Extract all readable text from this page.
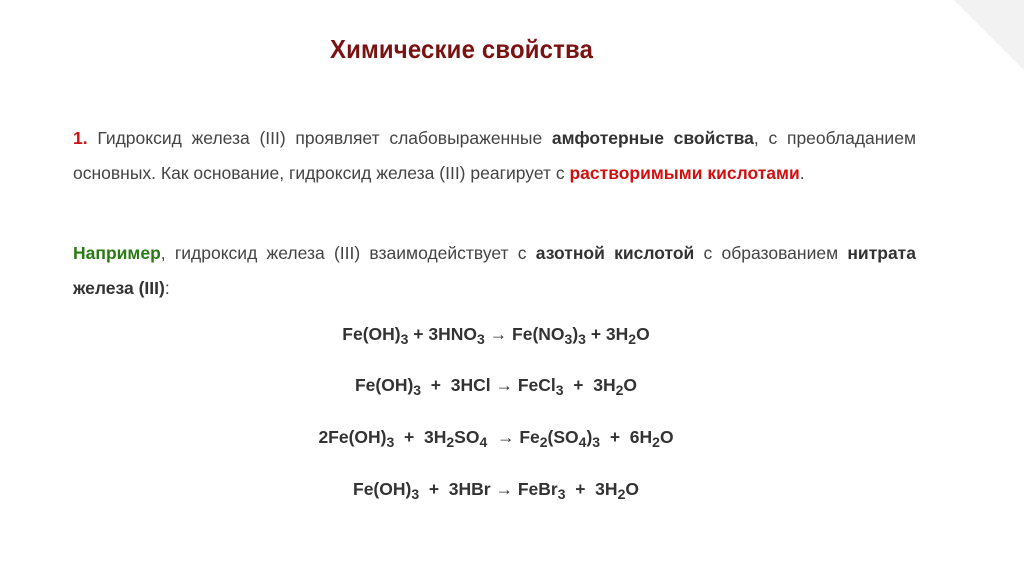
Химические свойства
1. Гидроксид железа (III) проявляет слабовыраженные амфотерные свойства, с преобладанием основных. Как основание, гидроксид железа (III) реагирует с растворимыми кислотами.
Например, гидроксид железа (III) взаимодействует с азотной кислотой с образованием нитрата железа (III):
$Fe(OH)_3 + 3HNO_3 \to Fe(NO_3)_3 + 3H_2O$
$Fe(OH)_3 + 3HCl$ → FeCl$_3$  +  $3H_2O$
$2Fe(OH)_3 + 3H_2SO_4 \to Fe_2(SO_4)_3 + 6H_2O$
$Fe(OH)_3 + 3HBr$ → FeBr$_3$  +  $3H_2O$
